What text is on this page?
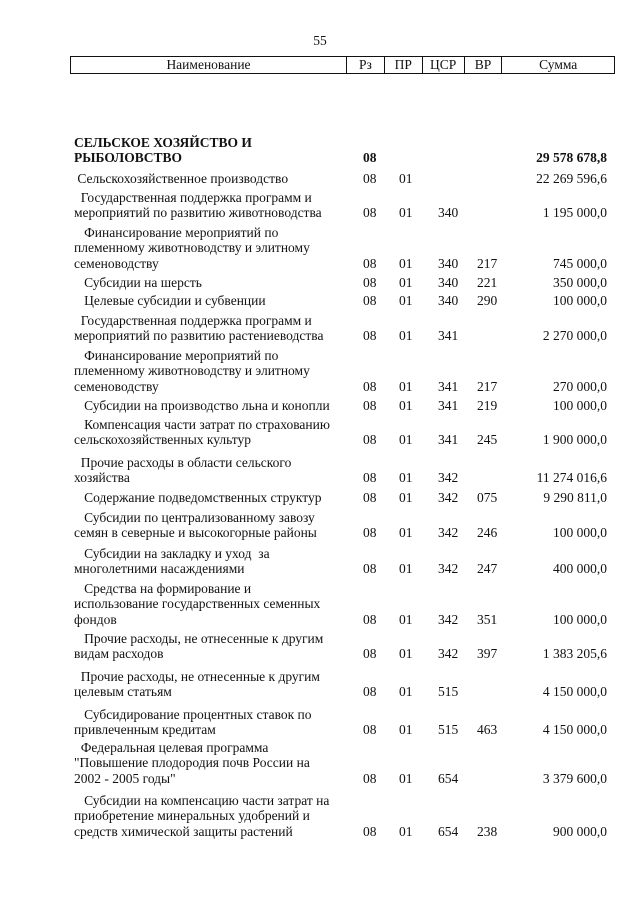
55
Наименование	Рз	ПР	ЦСР	ВР	Сумма
СЕЛЬСКОЕ ХОЗЯЙСТВО И
РЫБОЛОВСТВО	08	29 578 678,8
Сельскохозяйственное производство	08 01	22 269 596,6
Государственная поддержка программ и
мероприятий по развитию животноводства	08 01 340	1 195 000,0
Финансирование мероприятий по
племенному животноводству и элитному
семеноводству	08 01 340 217	745 000,0
Субсидии на шерсть	08 01 340 221	350 000,0
Целевые субсидии и субвенции	08 01 340 290	100 000,0
Государственная поддержка программ и
мероприятий по развитию растениеводства	08 01 341	2 270 000,0
Финансирование мероприятий по
племенному животноводству и элитному
семеноводству	08 01 341 217	270 000,0
Субсидии на производство льна и конопли 08 01 341 219	100 000,0
Компенсация части затрат по страхованию
сельскохозяйственных культур	08 01 341 245	1 900 000,0
Прочие расходы в области сельского
хозяйства	08 01 342	11 274 016,6
Содержание подведомственных структур	08 01 342 075	9 290 811,0
Субсидии по централизованному завозу
семян в северные и высокогорные районы	08 01 342 246	100 000,0
Субсидии на закладку и уход  за
многолетними насаждениями	08 01 342 247	400 000,0
Средства на формирование и
использование государственных семенных
фондов	08 01 342 351	100 000,0
Прочие расходы, не отнесенные к другим
видам расходов	08 01 342 397	1 383 205,6
Прочие расходы, не отнесенные к другим
целевым статьям	08 01 515	4 150 000,0
Субсидирование процентных ставок по
привлеченным кредитам	08 01 515 463	4 150 000,0
Федеральная целевая программа
"Повышение плодородия почв России на
2002 - 2005 годы"	08 01 654	3 379 600,0
Субсидии на компенсацию части затрат на
приобретение минеральных удобрений и
средств химической защиты растений	08 01 654 238	900 000,0
